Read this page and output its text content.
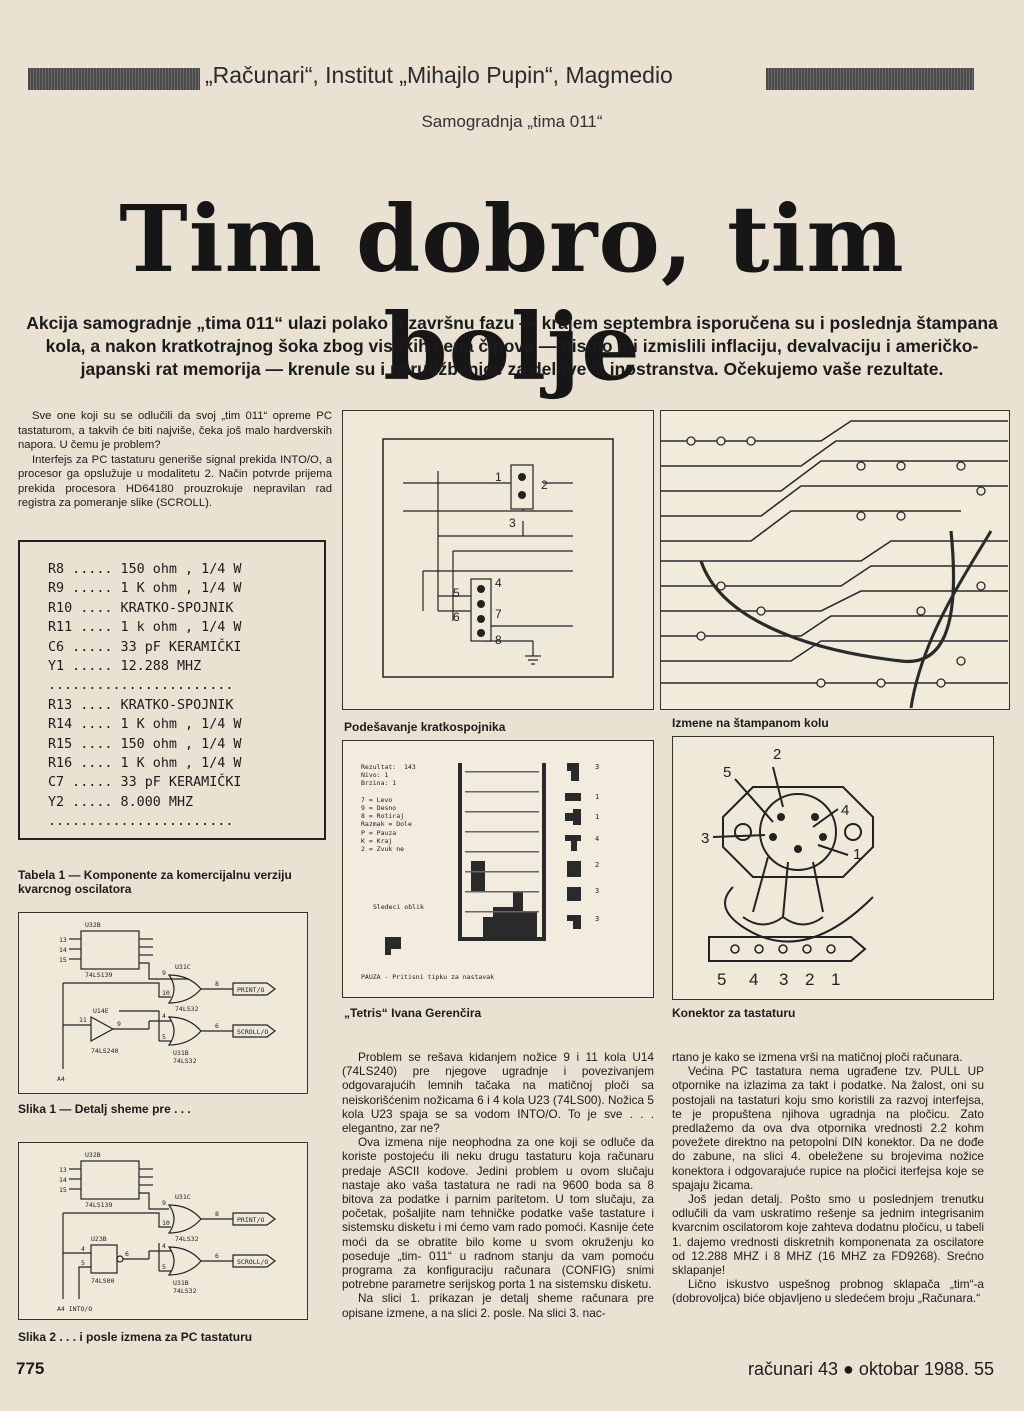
„Računari“, Institut „Mihajlo Pupin“, Magmedio
Samogradnja „tima 011“
Tim dobro, tim bolje
Akcija samogradnje „tima 011“ ulazi polako u završnu fazu — krajem septembra isporučena su i poslednja štampana kola, a nakon kratkotrajnog šoka zbog visokih cena čipova — nismo mi izmislili inflaciju, devalvaciju i američko-japanski rat memorija — krenule su i narudžbenice za delove iz inostranstva. Očekujemo vaše rezultate.
Sve one koji su se odlučili da svoj „tim 011“ opreme PC tastaturom, a takvih će biti najviše, čeka još malo hardverskih napora. U čemu je problem?
Interfejs za PC tastaturu generiše signal prekida INTO/O, a procesor ga opslužuje u modalitetu 2. Način potvrde prijema prekida procesora HD64180 prouzrokuje nepravilan rad registra za pomeranje slike (SCROLL).
R8 ..... 150 ohm , 1/4 W
R9 ..... 1 K ohm , 1/4 W
R10 .... KRATKO-SPOJNIK
R11 .... 1 k ohm , 1/4 W
C6 ..... 33 pF KERAMIČKI
Y1 ..... 12.288 MHZ
.......................
R13 .... KRATKO-SPOJNIK
R14 .... 1 K ohm , 1/4 W
R15 .... 150 ohm , 1/4 W
R16 .... 1 K ohm , 1/4 W
C7 ..... 33 pF KERAMIČKI
Y2 ..... 8.000 MHZ
.......................
Tabela 1 — Komponente za komercijalnu verziju kvarcnog oscilatora
1
2
3
4
5
6	7
8
Podešavanje kratkospojnika	Izmene na štampanom kolu
Rezultat:  143
Nivo: 1
Brzina: 1

7 = Levo
9 = Desno
8 = Rotiraj
Razmak = Dole
P = Pauza
K = Kraj
2 = Zvuk ne
Sledeci oblik
PAUZA - Pritisni tipku za nastavak
3
1
1
4
2
3
3
„Tetris“ Ivana Gerenčira
2
5
4
3
1
5 4 3 2 1
Konektor za tastaturu
U32B
74LS139
U31C
74LS32
U14E
74LS240	U31B
74LS32
PRINT/O
SCROLL/O
A4
13
14
15
9
10
8
11	9
4
5
6
Slika 1 — Detalj sheme pre . . .
U32B
74LS139
U31C
74LS32
U23B
74LS00	U31B
74LS32
PRINT/O
SCROLL/O
A4 INTO/O
13
14
15
9
10
8
4
5
6
4
5
6
Slika 2 . . . i posle izmena za PC tastaturu

Problem se rešava kidanjem nožice 9 i 11 kola U14 (74LS240) pre njegove ugradnje i povezivanjem odgovarajućih lemnih tačaka na matičnoj ploči sa neiskorišćenim nožicama 6 i 4 kola U23 (74LS00). Nožica 5 kola U23 spaja se sa vodom INTO/O. To je sve . . . elegantno, zar ne?

Ova izmena nije neophodna za one koji se odluče da koriste postojeću ili neku drugu tastaturu koja računaru predaje ASCII kodove. Jedini problem u ovom slučaju nastaje ako vaša tastatura ne radi na 9600 boda sa 8 bitova za podatke i parnim paritetom. U tom slučaju, za početak, pošaljite nam tehničke podatke vaše tastature i sistemsku disketu i mi ćemo vam rado pomoći. Kasnije ćete moći da se obratite bilo kome u svom okruženju ko poseduje „tim- 011“ u radnom stanju da vam pomoću programa za konfiguraciju računara (CONFIG) snimi potrebne parametre serijskog porta 1 na sistemsku disketu.

Na slici 1. prikazan je detalj sheme računara pre opisane izmene, a na slici 2. posle. Na slici 3. nac-

rtano je kako se izmena vrši na matičnoj ploči računara.

Većina PC tastatura nema ugrađene tzv. PULL UP otpornike na izlazima za takt i podatke. Na žalost, oni su postojali na tastaturi koju smo koristili za razvoj interfejsa, te je propuštena njihova ugradnja na pločicu. Zato predlažemo da ova dva otpornika vrednosti 2.2 kohm povežete direktno na petopolni DIN konektor. Da ne dođe do zabune, na slici 4. obeležene su brojevima nožice konektora i odgovarajuće rupice na pločici iterfejsa koje se spajaju žicama.

Još jedan detalj. Pošto smo u poslednjem trenutku odlučili da vam uskratimo rešenje sa jednim integrisanim kvarcnim oscilatorom koje zahteva dodatnu pločicu, u tabeli 1. dajemo vrednosti diskretnih komponenata za oscilatore od 12.288 MHZ i 8 MHZ (16 MHZ za FD9268). Srećno sklapanje!

Lično iskustvo uspešnog probnog sklapača „tim“-a (dobrovoljca) biće objavljeno u sledećem broju „Računara.“

775	računari 43 ● oktobar 1988. 55
